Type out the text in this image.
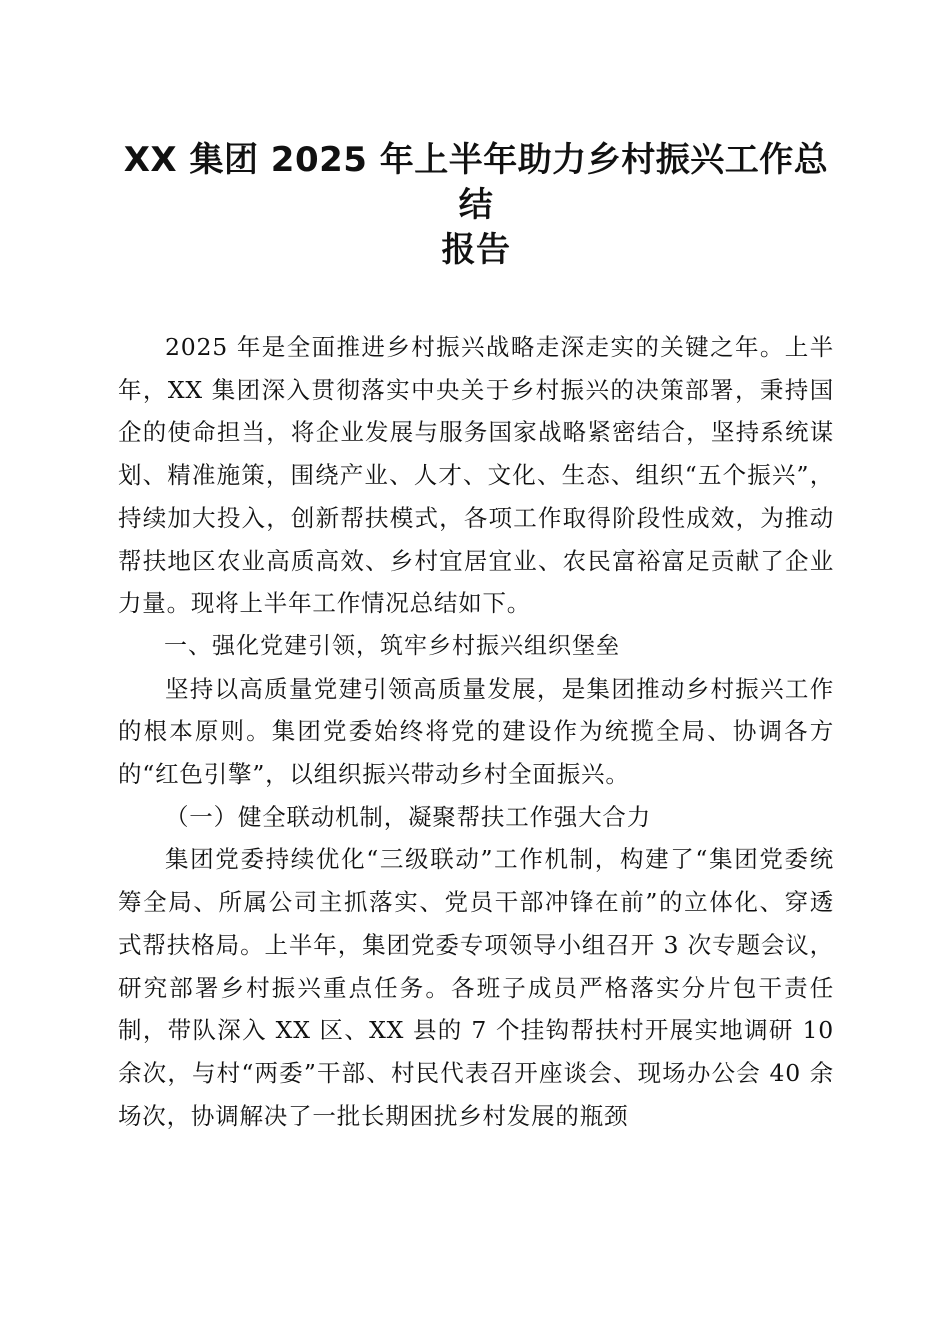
XX 集团 2025 年上半年助力乡村振兴工作总结
报告

2025 年是全面推进乡村振兴战略走深走实的关键之年。上半年，XX 集团深入贯彻落实中央关于乡村振兴的决策部署，秉持国企的使命担当，将企业发展与服务国家战略紧密结合，坚持系统谋划、精准施策，围绕产业、人才、文化、生态、组织“五个振兴”，持续加大投入，创新帮扶模式，各项工作取得阶段性成效，为推动帮扶地区农业高质高效、乡村宜居宜业、农民富裕富足贡献了企业力量。现将上半年工作情况总结如下。

一、强化党建引领，筑牢乡村振兴组织堡垒

坚持以高质量党建引领高质量发展，是集团推动乡村振兴工作的根本原则。集团党委始终将党的建设作为统揽全局、协调各方的“红色引擎”，以组织振兴带动乡村全面振兴。

（一）健全联动机制，凝聚帮扶工作强大合力

集团党委持续优化“三级联动”工作机制，构建了“集团党委统筹全局、所属公司主抓落实、党员干部冲锋在前”的立体化、穿透式帮扶格局。上半年，集团党委专项领导小组召开 3 次专题会议，研究部署乡村振兴重点任务。各班子成员严格落实分片包干责任制，带队深入 XX 区、XX 县的 7 个挂钩帮扶村开展实地调研 10 余次，与村“两委”干部、村民代表召开座谈会、现场办公会 40 余场次，协调解决了一批长期困扰乡村发展的瓶颈
